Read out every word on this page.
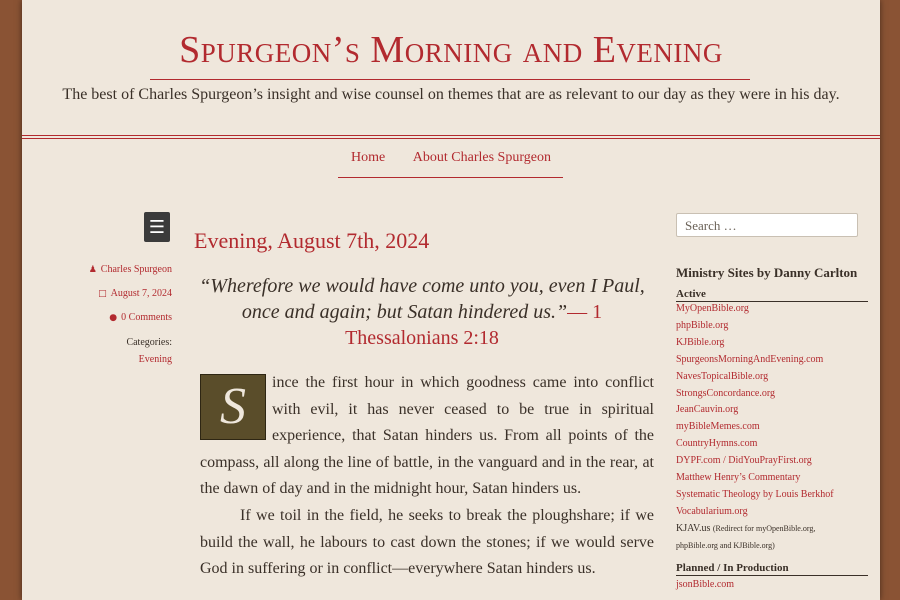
Spurgeon’s Morning and Evening
The best of Charles Spurgeon’s insight and wise counsel on themes that are as relevant to our day as they were in his day.
Home About Charles Spurgeon
☰
♟ Charles Spurgeon
□ August 7, 2024
● 0 Comments
Categories:
Evening
Evening, August 7th, 2024
“Wherefore we would have come unto you, even I Paul, once and again; but Satan hindered us.”— 1
Thessalonians 2:18

S	ince the first hour in which goodness came into conflict with evil, it has never ceased to be true in spiritual experience, that Satan hinders us. From all points of the compass, all along the line of battle, in the vanguard and in the rear, at the dawn of day and in the midnight hour, Satan hinders us.

If we toil in the field, he seeks to break the ploughshare; if we build the wall, he labours to cast down the stones; if we would serve God in suffering or in conflict—everywhere Satan hinders us.

Search …
Ministry Sites by Danny Carlton
Active
MyOpenBible.org
phpBible.org
KJBible.org
SpurgeonsMorningAndEvening.com
NavesTopicalBible.org
StrongsConcordance.org
JeanCauvin.org
myBibleMemes.com
CountryHymns.com
DYPF.com / DidYouPrayFirst.org
Matthew Henry’s Commentary
Systematic Theology by Louis Berkhof
Vocabularium.org
KJAV.us (Redirect for myOpenBible.org,
phpBible.org and KJBible.org)
Planned / In Production
jsonBible.com
